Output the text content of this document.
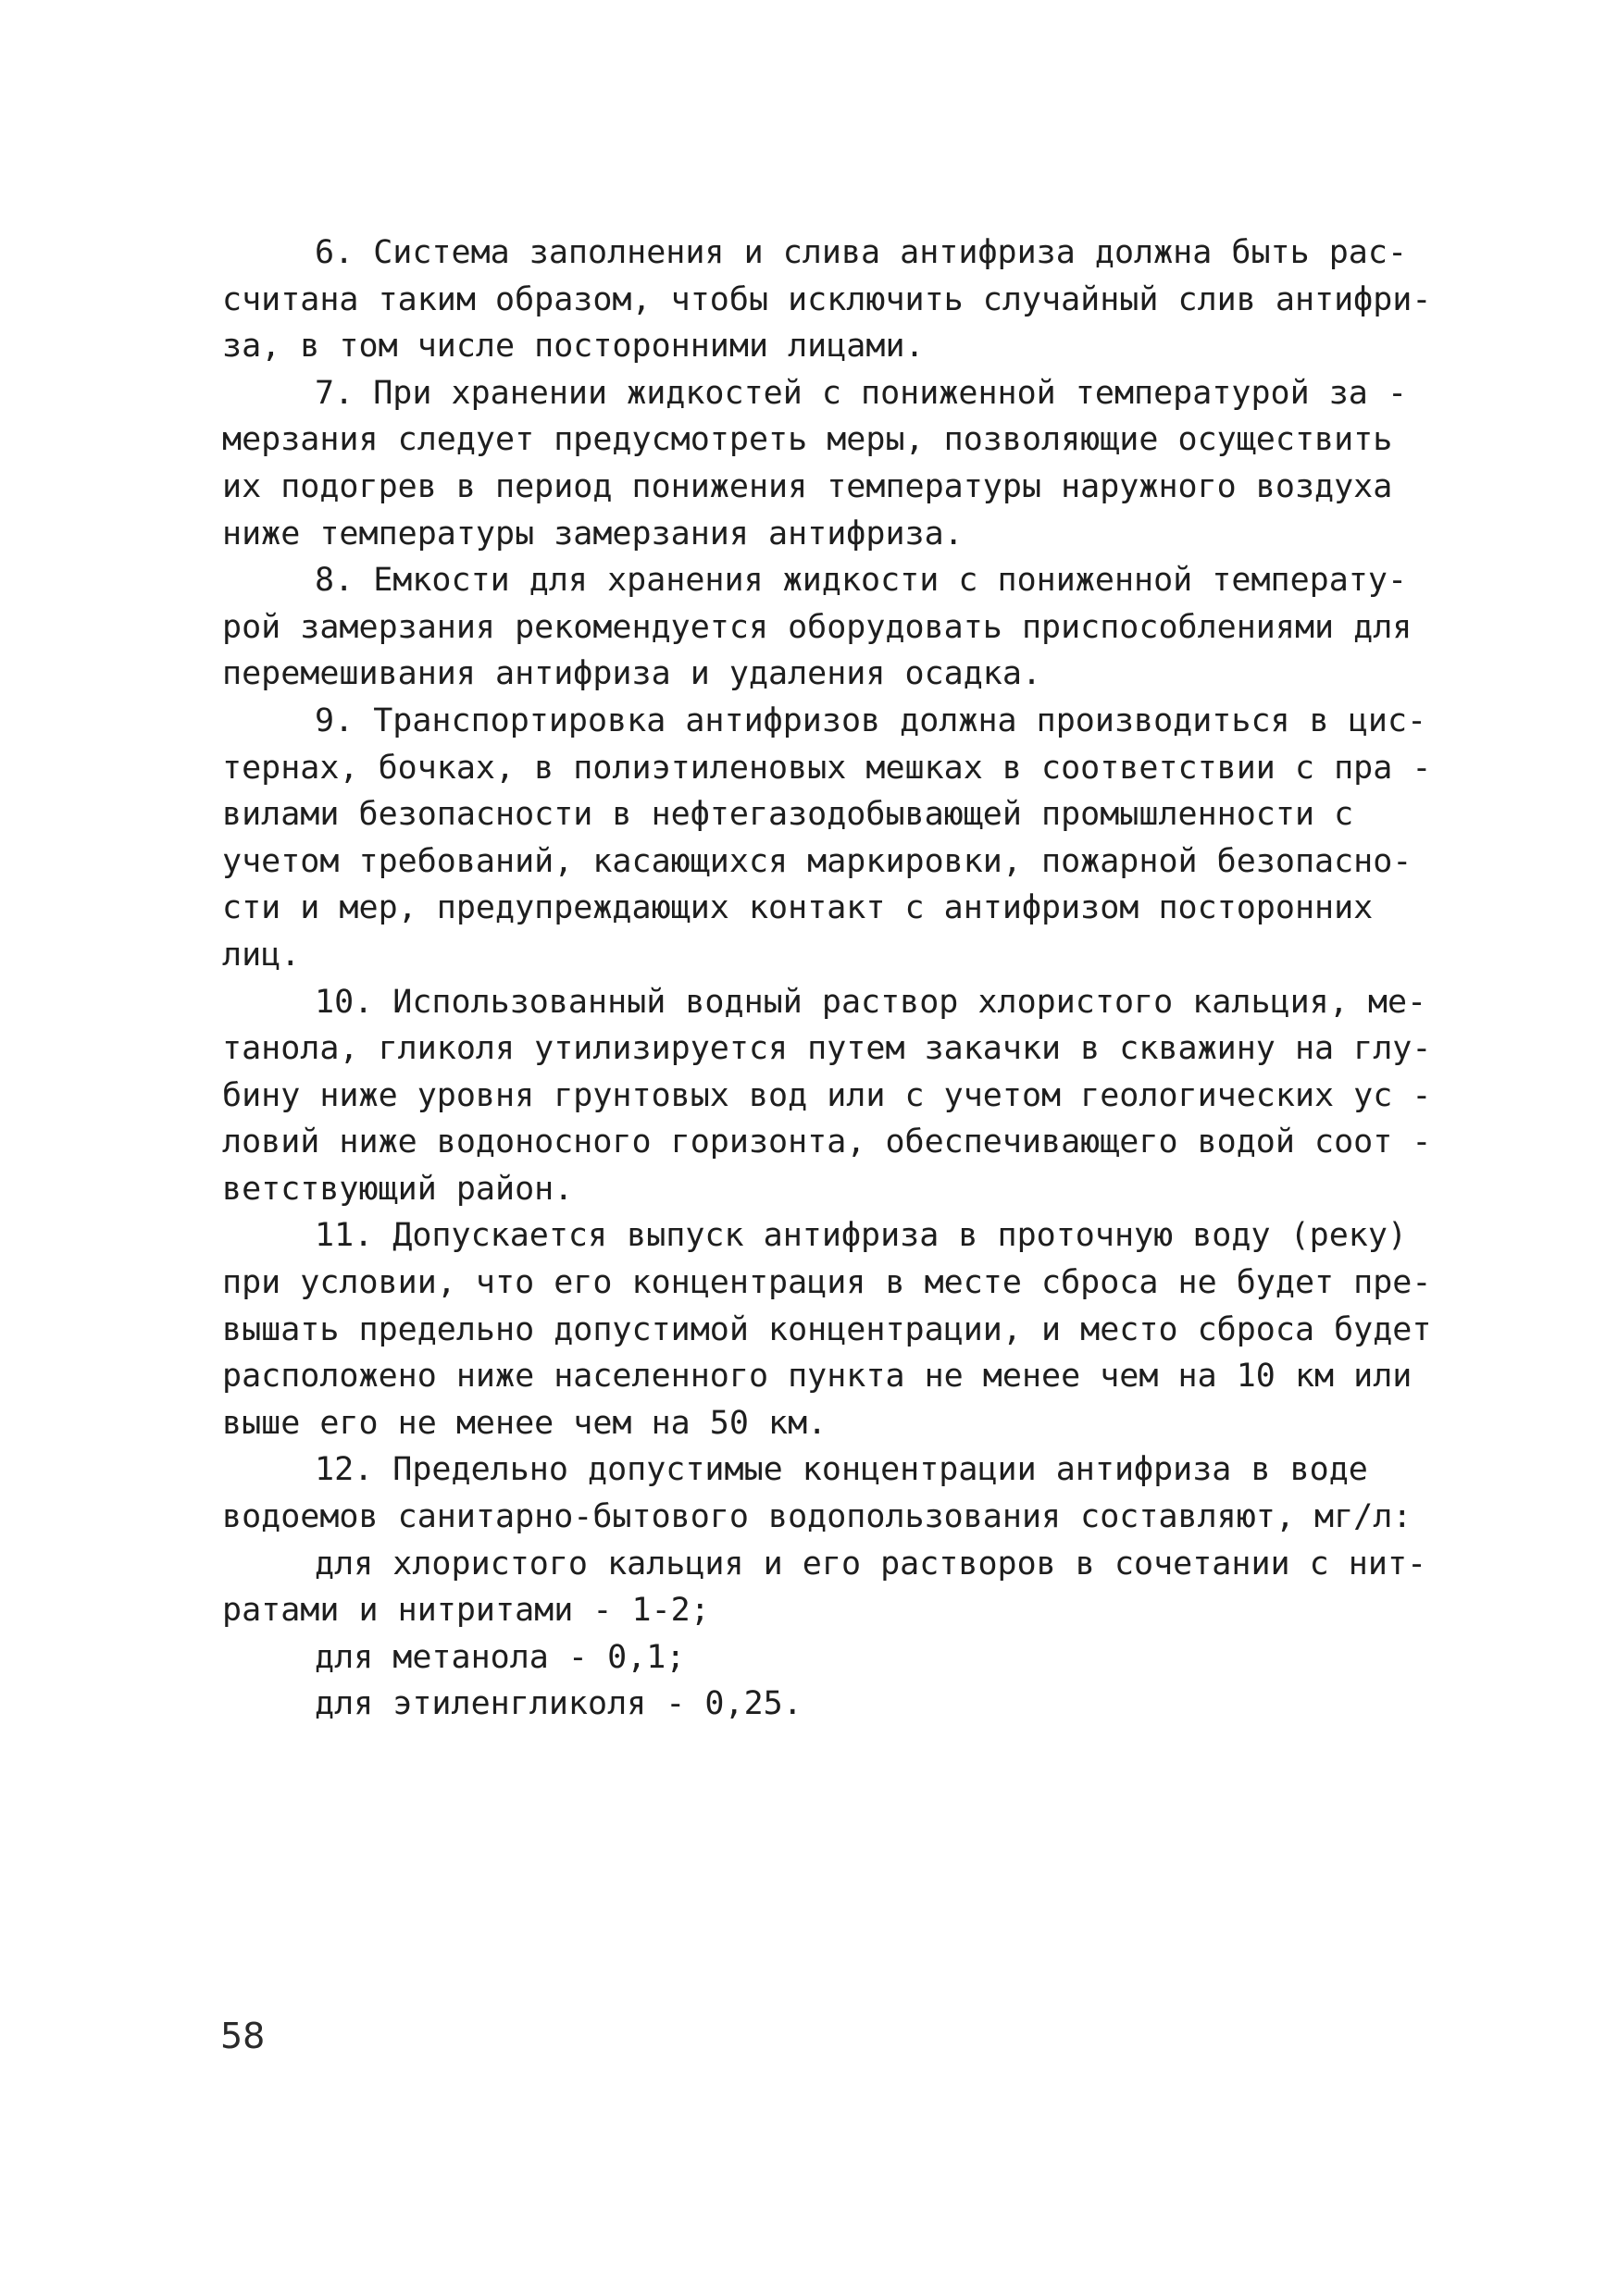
6. Система заполнения и слива антифриза должна быть рас-
считана таким образом, чтобы исключить случайный слив антифри-
за, в том числе посторонними лицами.
7. При хранении жидкостей с пониженной температурой за -
мерзания следует предусмотреть меры, позволяющие осуществить
их подогрев в период понижения температуры наружного воздуха
ниже температуры замерзания антифриза.
8. Емкости для хранения жидкости с пониженной температу-
рой замерзания рекомендуется оборудовать приспособлениями для
перемешивания антифриза и удаления осадка.
9. Транспортировка антифризов должна производиться в цис-
тернах, бочках, в полиэтиленовых мешках в соответствии с пра -
вилами безопасности в нефтегазодобывающей промышленности с
учетом требований, касающихся маркировки, пожарной безопасно-
сти и мер, предупреждающих контакт с антифризом посторонних
лиц.
10. Использованный водный раствор хлористого кальция, ме-
танола, гликоля утилизируется путем закачки в скважину на глу-
бину ниже уровня грунтовых вод или с учетом геологических ус -
ловий ниже водоносного горизонта, обеспечивающего водой соот -
ветствующий район.
11. Допускается выпуск антифриза в проточную воду (реку)
при условии, что его концентрация в месте сброса не будет пре-
вышать предельно допустимой концентрации, и место сброса будет
расположено ниже населенного пункта не менее чем на 10 км или
выше его не менее чем на 50 км.
12. Предельно допустимые концентрации антифриза в воде
водоемов санитарно-бытового водопользования составляют, мг/л:
для хлористого кальция и его растворов в сочетании с нит-
ратами и нитритами - 1-2;
для метанола - 0,1;
для этиленгликоля - 0,25.
58
